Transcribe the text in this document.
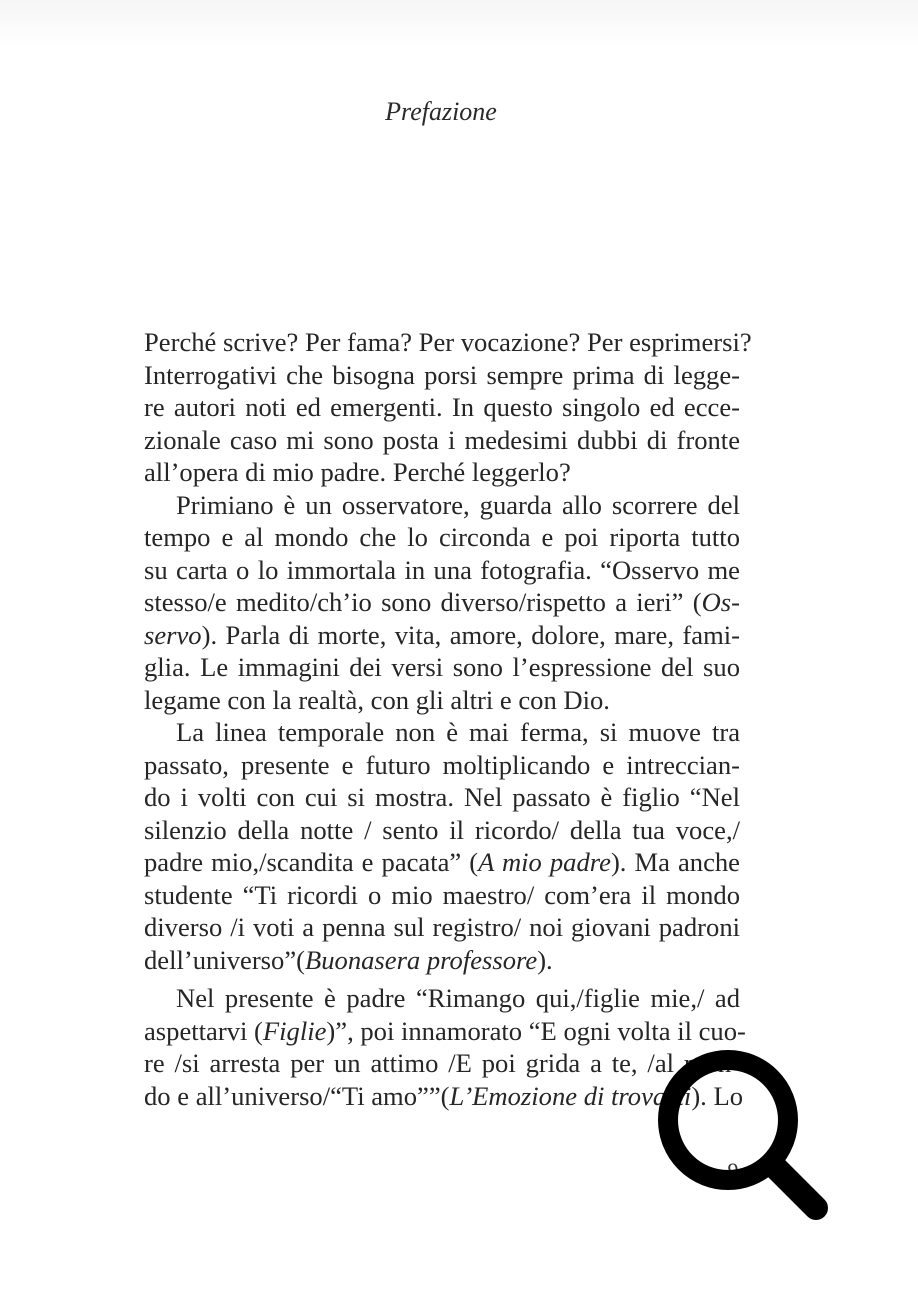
Prefazione

Perché scrive? Per fama? Per vocazione? Per esprimersi?
Interrogativi che bisogna porsi sempre prima di legge-
re autori noti ed emergenti. In questo singolo ed ecce-
zionale caso mi sono posta i medesimi dubbi di fronte
all’opera di mio padre. Perché leggerlo?

Primiano è un osservatore, guarda allo scorrere del
tempo e al mondo che lo circonda e poi riporta tutto
su carta o lo immortala in una fotografia. “Osservo me
stesso/e medito/ch’io sono diverso/rispetto a ieri” (Os-
servo). Parla di morte, vita, amore, dolore, mare, fami-
glia. Le immagini dei versi sono l’espressione del suo
legame con la realtà, con gli altri e con Dio.

La linea temporale non è mai ferma, si muove tra
passato, presente e futuro moltiplicando e intreccian-
do i volti con cui si mostra. Nel passato è figlio “Nel
silenzio della notte / sento il ricordo/ della tua voce,/
padre mio,/scandita e pacata” (A mio padre). Ma anche
studente “Ti ricordi o mio maestro/ com’era il mondo
diverso /i voti a penna sul registro/ noi giovani padroni
dell’universo”(Buonasera professore).

Nel presente è padre “Rimango qui,/figlie mie,/ ad
aspettarvi (Figlie)”, poi innamorato “E ogni volta il cuo-
re /si arresta per un attimo /E poi grida a te, /al mon-
do e all’universo/“Ti amo””(L’Emozione di trovarti). Lo

9
